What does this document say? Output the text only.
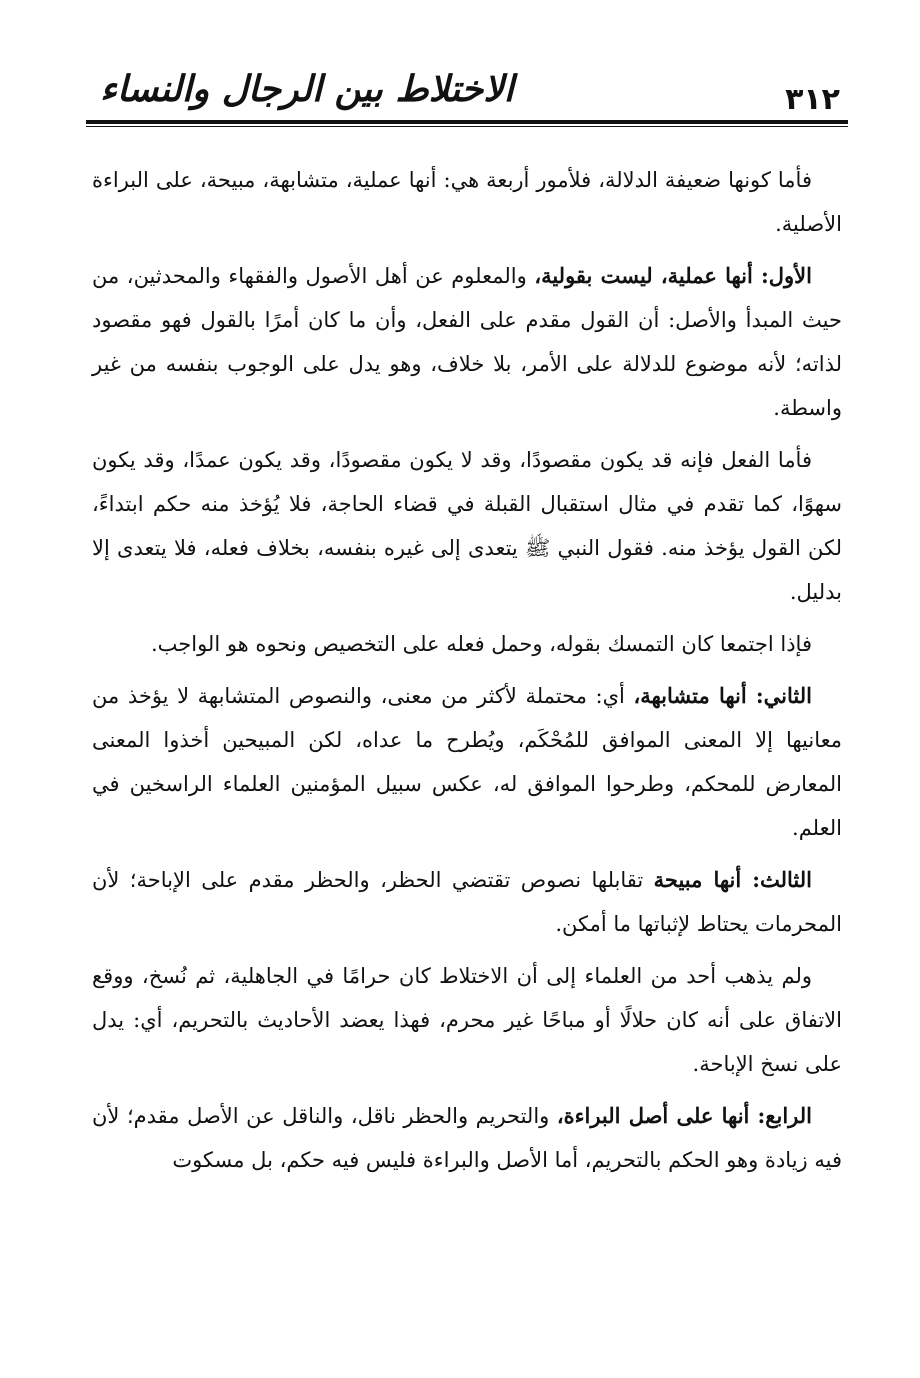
٣١٢
الاختلاط بين الرجال والنساء

فأما كونها ضعيفة الدلالة، فلأمور أربعة هي: أنها عملية، متشابهة، مبيحة، على البراءة الأصلية.

الأول: أنها عملية، ليست بقولية، والمعلوم عن أهل الأصول والفقهاء والمحدثين، من حيث المبدأ والأصل: أن القول مقدم على الفعل، وأن ما كان أمرًا بالقول فهو مقصود لذاته؛ لأنه موضوع للدلالة على الأمر، بلا خلاف، وهو يدل على الوجوب بنفسه من غير واسطة.

فأما الفعل فإنه قد يكون مقصودًا، وقد لا يكون مقصودًا، وقد يكون عمدًا، وقد يكون سهوًا، كما تقدم في مثال استقبال القبلة في قضاء الحاجة، فلا يُؤخذ منه حكم ابتداءً، لكن القول يؤخذ منه. فقول النبي ﷺ يتعدى إلى غيره بنفسه، بخلاف فعله، فلا يتعدى إلا بدليل.

فإذا اجتمعا كان التمسك بقوله، وحمل فعله على التخصيص ونحوه هو الواجب.

الثاني: أنها متشابهة، أي: محتملة لأكثر من معنى، والنصوص المتشابهة لا يؤخذ من معانيها إلا المعنى الموافق للمُحْكَم، ويُطرح ما عداه، لكن المبيحين أخذوا المعنى المعارض للمحكم، وطرحوا الموافق له، عكس سبيل المؤمنين العلماء الراسخين في العلم.

الثالث: أنها مبيحة تقابلها نصوص تقتضي الحظر، والحظر مقدم على الإباحة؛ لأن المحرمات يحتاط لإثباتها ما أمكن.

ولم يذهب أحد من العلماء إلى أن الاختلاط كان حرامًا في الجاهلية، ثم نُسخ، ووقع الاتفاق على أنه كان حلالًا أو مباحًا غير محرم، فهذا يعضد الأحاديث بالتحريم، أي: يدل على نسخ الإباحة.

الرابع: أنها على أصل البراءة، والتحريم والحظر ناقل، والناقل عن الأصل مقدم؛ لأن فيه زيادة وهو الحكم بالتحريم، أما الأصل والبراءة فليس فيه حكم، بل مسكوت
